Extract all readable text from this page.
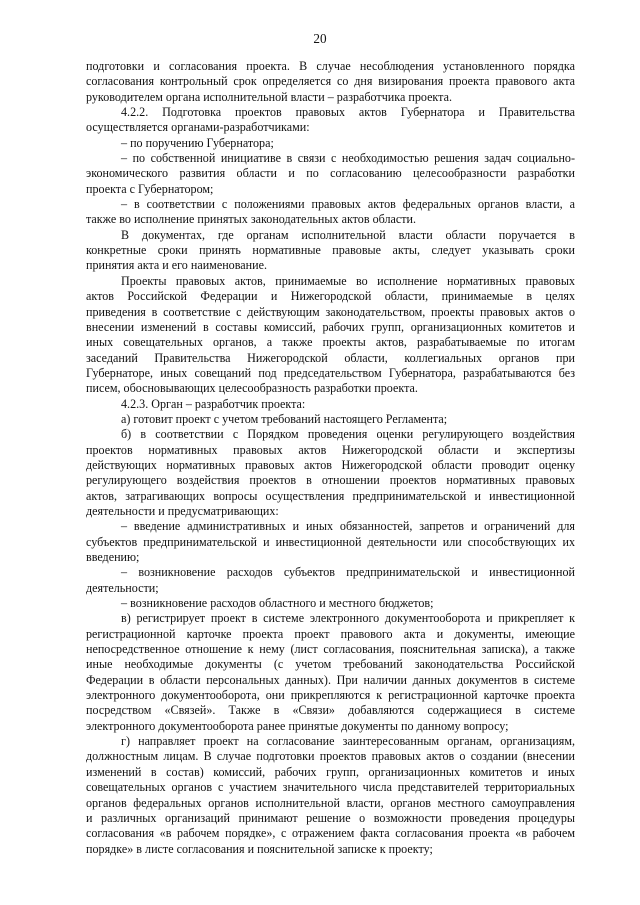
20

подготовки и согласования проекта. В случае несоблюдения установленного порядка

согласования контрольный срок определяется со дня визирования проекта правового акта

руководителем органа исполнительной власти – разработчика проекта.

4.2.2. Подготовка проектов правовых актов Губернатора и Правительства

осуществляется органами-разработчиками:

– по поручению Губернатора;

– по собственной инициативе в связи с необходимостью решения задач социально-

экономического развития области и по согласованию целесообразности разработки

проекта с Губернатором;

– в соответствии с положениями правовых актов федеральных органов власти, а

также во исполнение принятых законодательных актов области.

В документах, где органам исполнительной власти области поручается в

конкретные сроки принять нормативные правовые акты, следует указывать сроки

принятия акта и его наименование.

Проекты правовых актов, принимаемые во исполнение нормативных правовых

актов Российской Федерации и Нижегородской области, принимаемые в целях

приведения в соответствие с действующим законодательством, проекты правовых актов о

внесении изменений в составы комиссий, рабочих групп, организационных комитетов и

иных совещательных органов, а также проекты актов, разрабатываемые по итогам

заседаний Правительства Нижегородской области, коллегиальных органов при

Губернаторе, иных совещаний под председательством Губернатора, разрабатываются без

писем, обосновывающих целесообразность разработки проекта.

4.2.3. Орган – разработчик проекта:

а) готовит проект с учетом требований настоящего Регламента;

б) в соответствии с Порядком проведения оценки регулирующего воздействия

проектов нормативных правовых актов Нижегородской области и экспертизы

действующих нормативных правовых актов Нижегородской области проводит оценку

регулирующего воздействия проектов в отношении проектов нормативных правовых

актов, затрагивающих вопросы осуществления предпринимательской и инвестиционной

деятельности и предусматривающих:

– введение административных и иных обязанностей, запретов и ограничений для

субъектов предпринимательской и инвестиционной деятельности или способствующих их

введению;

– возникновение расходов субъектов предпринимательской и инвестиционной

деятельности;

– возникновение расходов областного и местного бюджетов;

в) регистрирует проект в системе электронного документооборота и прикрепляет к

регистрационной карточке проекта проект правового акта и документы, имеющие

непосредственное отношение к нему (лист согласования, пояснительная записка), а также

иные необходимые документы (с учетом требований законодательства Российской

Федерации в области персональных данных). При наличии данных документов в системе

электронного документооборота, они прикрепляются к регистрационной карточке проекта

посредством «Связей». Также в «Связи» добавляются содержащиеся в системе

электронного документооборота ранее принятые документы по данному вопросу;

г) направляет проект на согласование заинтересованным органам, организациям,

должностным лицам. В случае подготовки проектов правовых актов о создании (внесении

изменений в состав) комиссий, рабочих групп, организационных комитетов и иных

совещательных органов с участием значительного числа представителей территориальных

органов федеральных органов исполнительной власти, органов местного самоуправления

и различных организаций принимают решение о возможности проведения процедуры

согласования «в рабочем порядке», с отражением факта согласования проекта «в рабочем

порядке» в листе согласования и пояснительной записке к проекту;
